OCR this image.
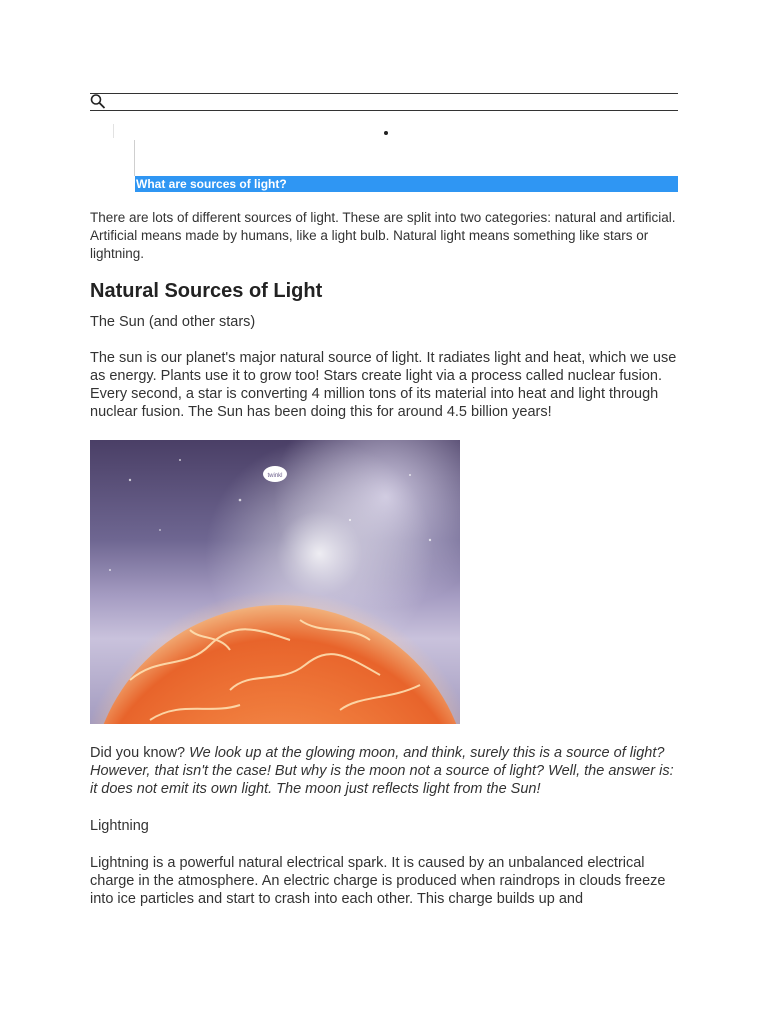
What are sources of light?

There are lots of different sources of light. These are split into two categories: natural and artificial. Artificial means made by humans, like a light bulb. Natural light means something like stars or lightning.

Natural Sources of Light

The Sun (and other stars)

The sun is our planet's major natural source of light. It radiates light and heat, which we use as energy. Plants use it to grow too! Stars create light via a process called nuclear fusion. Every second, a star is converting 4 million tons of its material into heat and light through nuclear fusion. The Sun has been doing this for around 4.5 billion years!

twinkl

Did you know? We look up at the glowing moon, and think, surely this is a source of light? However, that isn't the case! But why is the moon not a source of light? Well, the answer is: it does not emit its own light. The moon just reflects light from the Sun!

Lightning

Lightning is a powerful natural electrical spark. It is caused by an unbalanced electrical charge in the atmosphere. An electric charge is produced when raindrops in clouds freeze into ice particles and start to crash into each other. This charge builds up and
